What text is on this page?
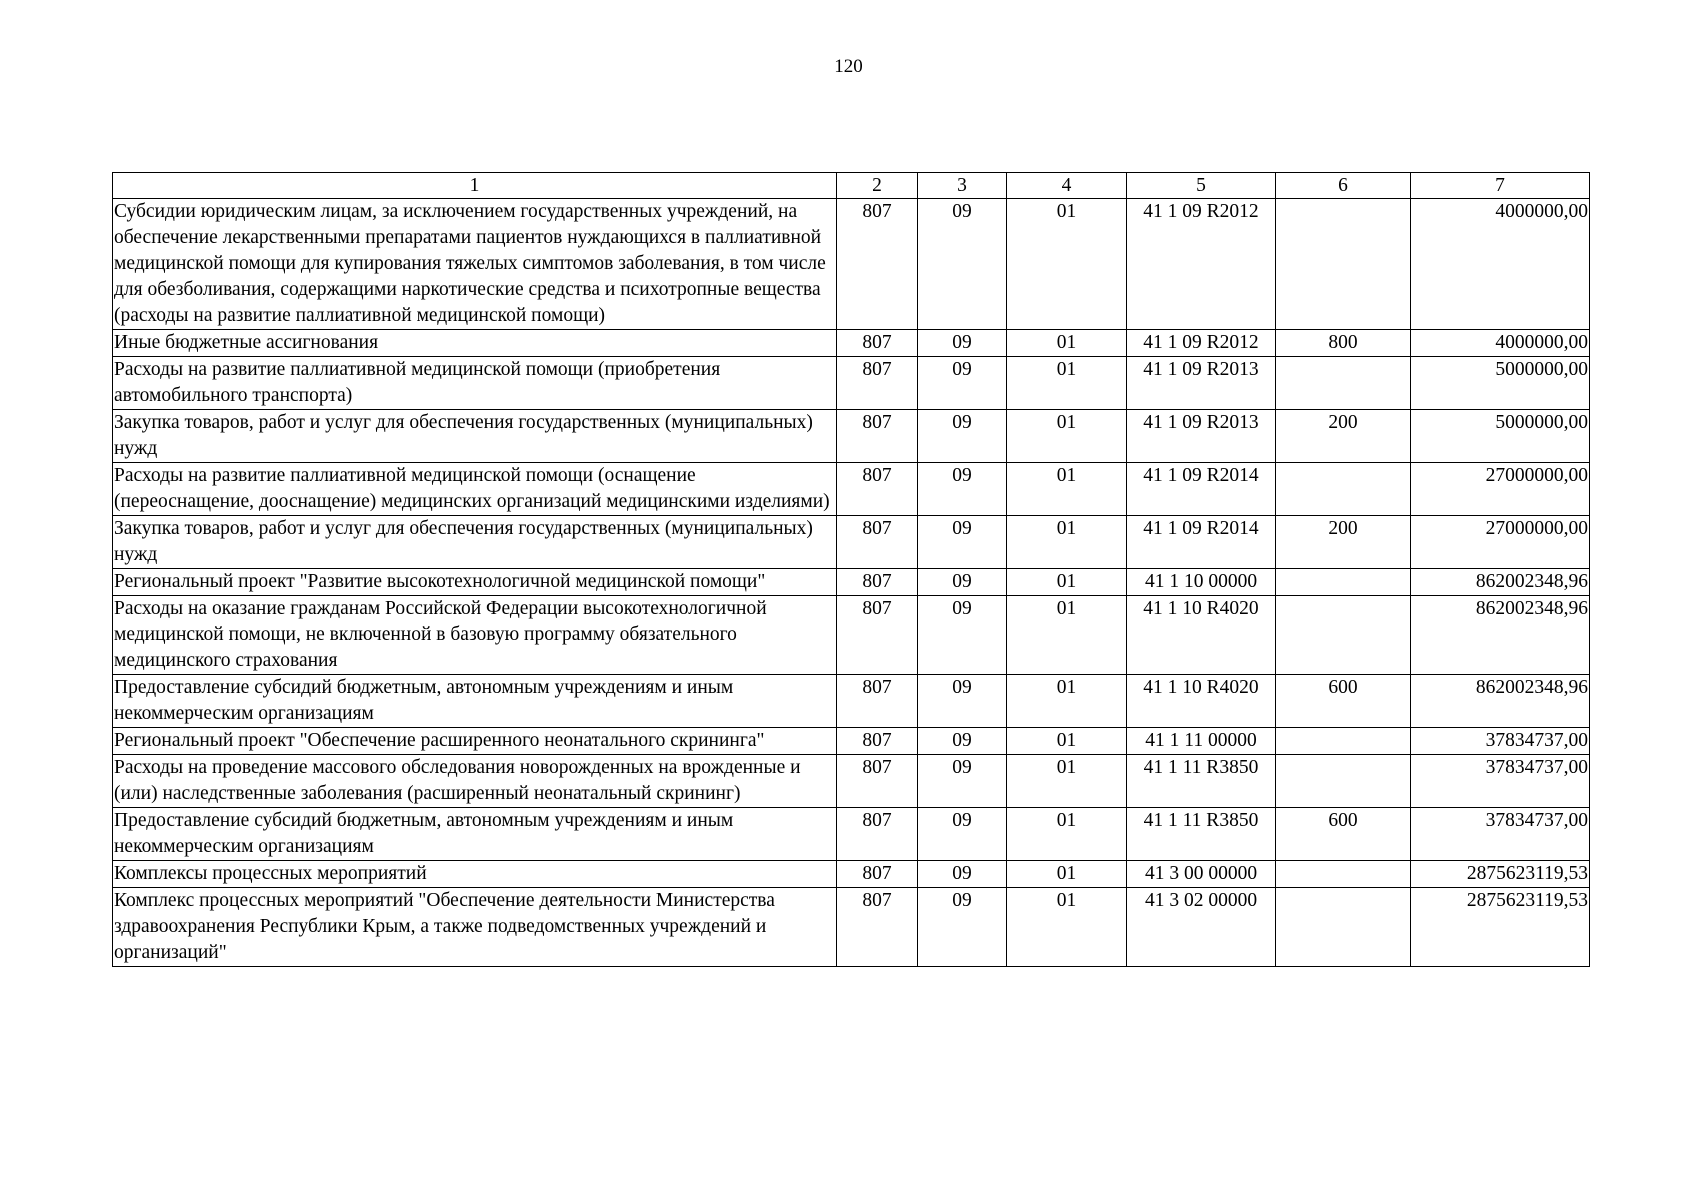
120
1	2	3	4	5	6	7
Субсидии юридическим лицам, за исключением государственных учреждений, на обеспечение лекарственными препаратами пациентов нуждающихся в паллиативной медицинской помощи для купирования тяжелых симптомов заболевания, в том числе для обезболивания, содержащими наркотические средства и психотропные вещества (расходы на развитие паллиативной медицинской помощи)	807	09	01	41 1 09 R2012		4000000,00
Иные бюджетные ассигнования	807	09	01	41 1 09 R2012	800	4000000,00
Расходы на развитие паллиативной медицинской помощи (приобретения автомобильного транспорта)	807	09	01	41 1 09 R2013		5000000,00
Закупка товаров, работ и услуг для обеспечения государственных (муниципальных) нужд	807	09	01	41 1 09 R2013	200	5000000,00
Расходы на развитие паллиативной медицинской помощи (оснащение (переоснащение, дооснащение) медицинских организаций медицинскими изделиями)	807	09	01	41 1 09 R2014		27000000,00
Закупка товаров, работ и услуг для обеспечения государственных (муниципальных) нужд	807	09	01	41 1 09 R2014	200	27000000,00
Региональный проект "Развитие высокотехнологичной медицинской помощи"	807	09	01	41 1 10 00000		862002348,96
Расходы на оказание гражданам Российской Федерации высокотехнологичной медицинской помощи, не включенной в базовую программу обязательного медицинского страхования	807	09	01	41 1 10 R4020		862002348,96
Предоставление субсидий бюджетным, автономным учреждениям и иным некоммерческим организациям	807	09	01	41 1 10 R4020	600	862002348,96
Региональный проект "Обеспечение расширенного неонатального скрининга"	807	09	01	41 1 11 00000		37834737,00
Расходы на проведение массового обследования новорожденных на врожденные и (или) наследственные заболевания (расширенный неонатальный скрининг)	807	09	01	41 1 11 R3850		37834737,00
Предоставление субсидий бюджетным, автономным учреждениям и иным некоммерческим организациям	807	09	01	41 1 11 R3850	600	37834737,00
Комплексы процессных мероприятий	807	09	01	41 3 00 00000		2875623119,53
Комплекс процессных мероприятий "Обеспечение деятельности Министерства здравоохранения Республики Крым, а также подведомственных учреждений и организаций"	807	09	01	41 3 02 00000		2875623119,53
